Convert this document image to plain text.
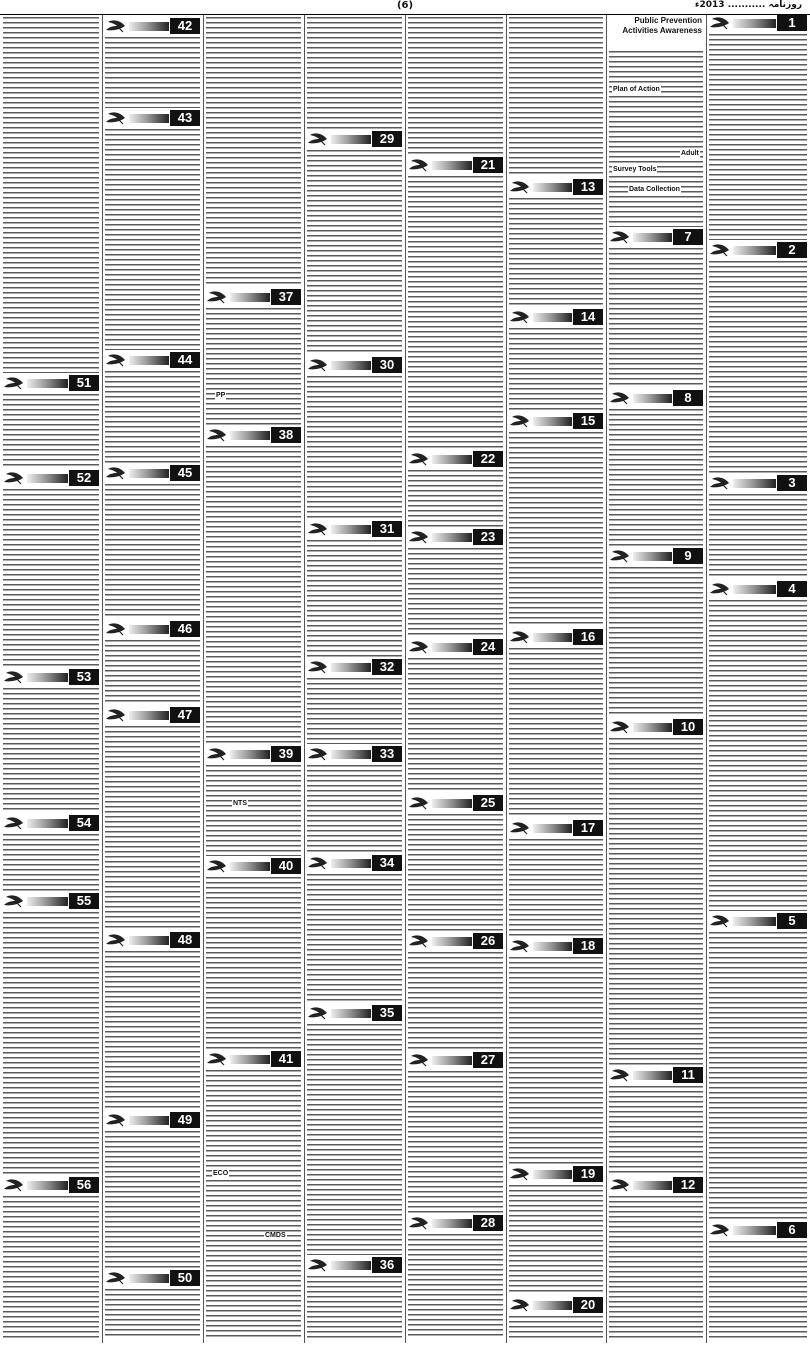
(6)	روزنامہ ........... 2013ء
1
2
3
4
5
6
Public Prevention Activities Awareness
7
8
9
10
11
12
13
14
15
16
17
18
19
20
21
22
23
24
25
26
27
28
29
30
31
32
33
34
35
36
37
38
39
40
41
42
43
44
45
46
47
48
49
50
51
52
53
54
55
56
Plan of Action
Survey Tools
Data Collection
Adult
PP
NTS
ECO
CMDS
